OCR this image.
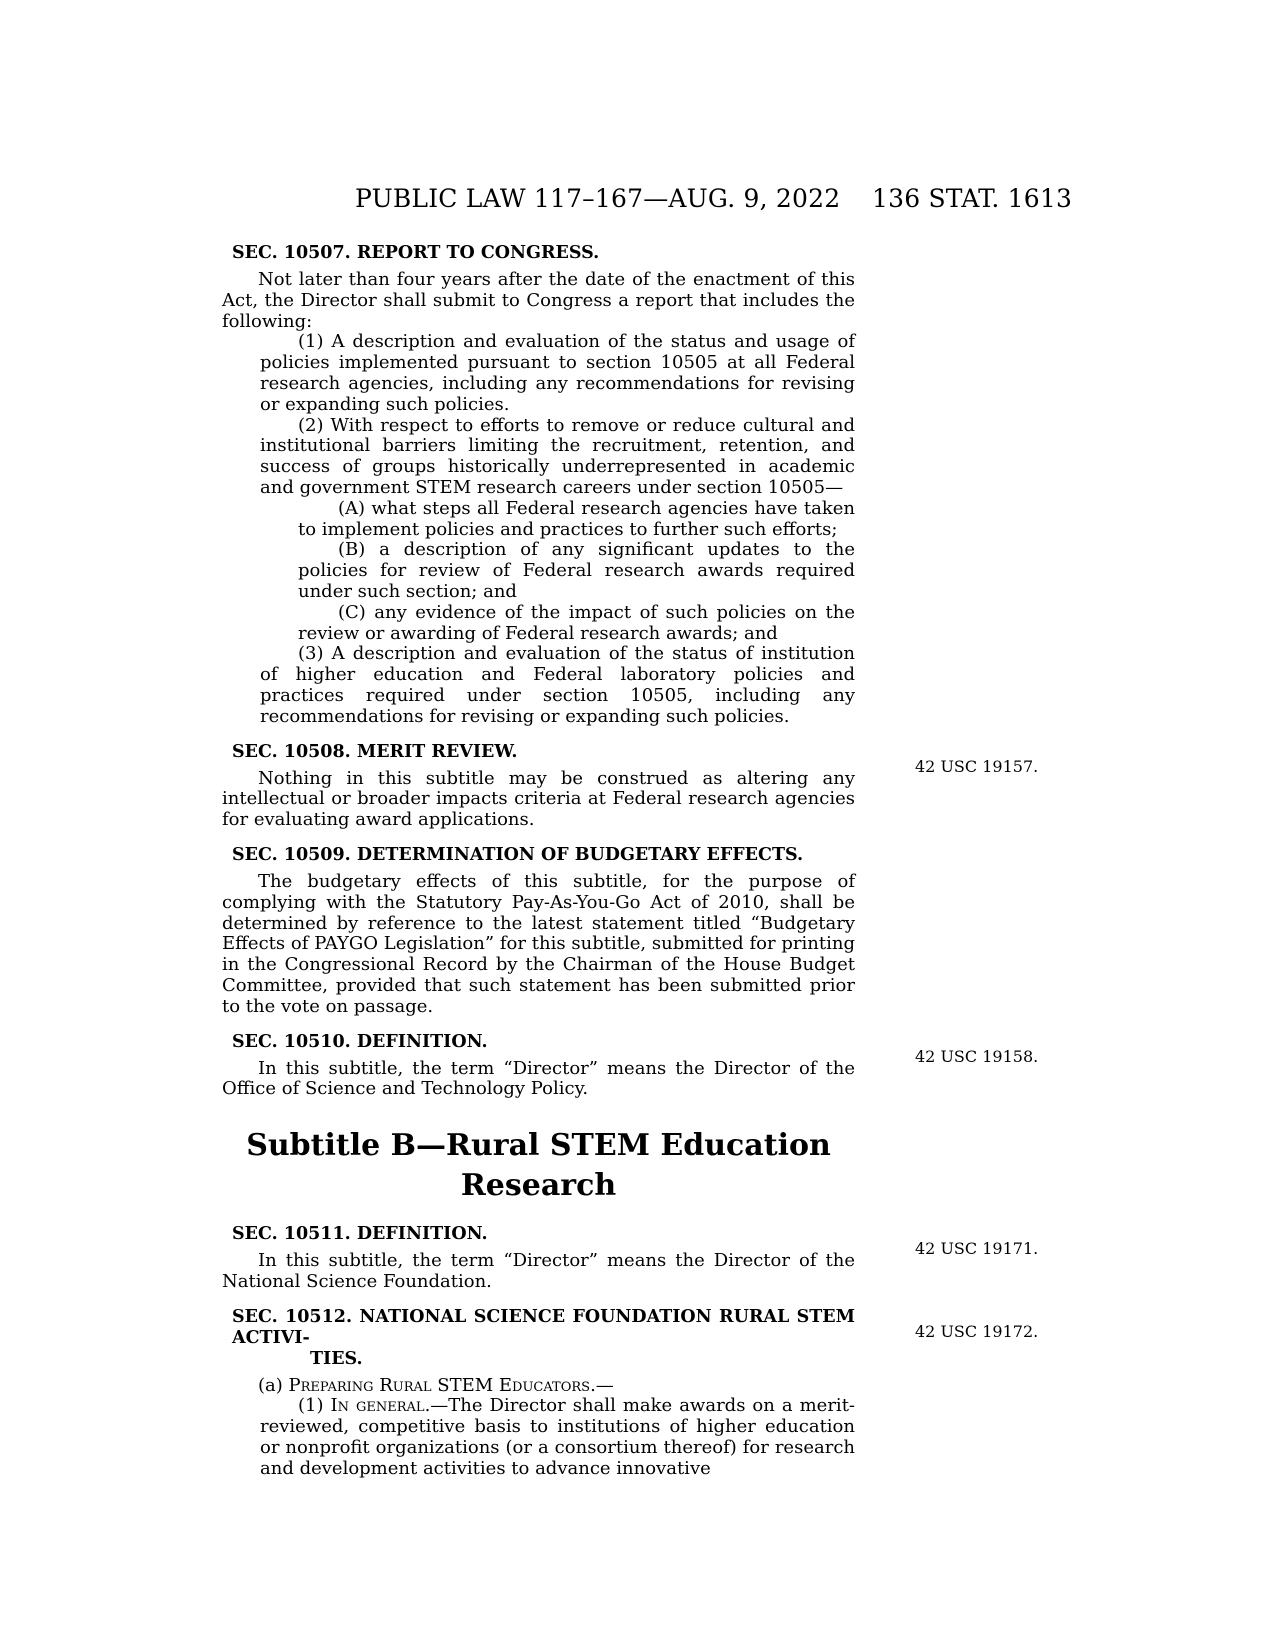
PUBLIC LAW 117–167—AUG. 9, 2022 136 STAT. 1613
SEC. 10507. REPORT TO CONGRESS.

Not later than four years after the date of the enactment of this Act, the Director shall submit to Congress a report that includes the following:

(1) A description and evaluation of the status and usage of policies implemented pursuant to section 10505 at all Federal research agencies, including any recommendations for revising or expanding such policies.

(2) With respect to efforts to remove or reduce cultural and institutional barriers limiting the recruitment, retention, and success of groups historically underrepresented in academic and government STEM research careers under section 10505—

(A) what steps all Federal research agencies have taken to implement policies and practices to further such efforts;

(B) a description of any significant updates to the policies for review of Federal research awards required under such section; and

(C) any evidence of the impact of such policies on the review or awarding of Federal research awards; and

(3) A description and evaluation of the status of institution of higher education and Federal laboratory policies and practices required under section 10505, including any recommendations for revising or expanding such policies.

SEC. 10508. MERIT REVIEW.
42 USC 19157.

Nothing in this subtitle may be construed as altering any intellectual or broader impacts criteria at Federal research agencies for evaluating award applications.

SEC. 10509. DETERMINATION OF BUDGETARY EFFECTS.

The budgetary effects of this subtitle, for the purpose of complying with the Statutory Pay-As-You-Go Act of 2010, shall be determined by reference to the latest statement titled “Budgetary Effects of PAYGO Legislation” for this subtitle, submitted for printing in the Congressional Record by the Chairman of the House Budget Committee, provided that such statement has been submitted prior to the vote on passage.

SEC. 10510. DEFINITION.
42 USC 19158.

In this subtitle, the term “Director” means the Director of the Office of Science and Technology Policy.

Subtitle B—Rural STEM Education
Research
SEC. 10511. DEFINITION.
42 USC 19171.

In this subtitle, the term “Director” means the Director of the National Science Foundation.

SEC. 10512. NATIONAL SCIENCE FOUNDATION RURAL STEM ACTIVI-
TIES.
42 USC 19172.

(a) Preparing Rural STEM Educators.—

(1) In general.—The Director shall make awards on a merit- reviewed, competitive basis to institutions of higher education or nonprofit organizations (or a consortium thereof) for research and development activities to advance innovative
